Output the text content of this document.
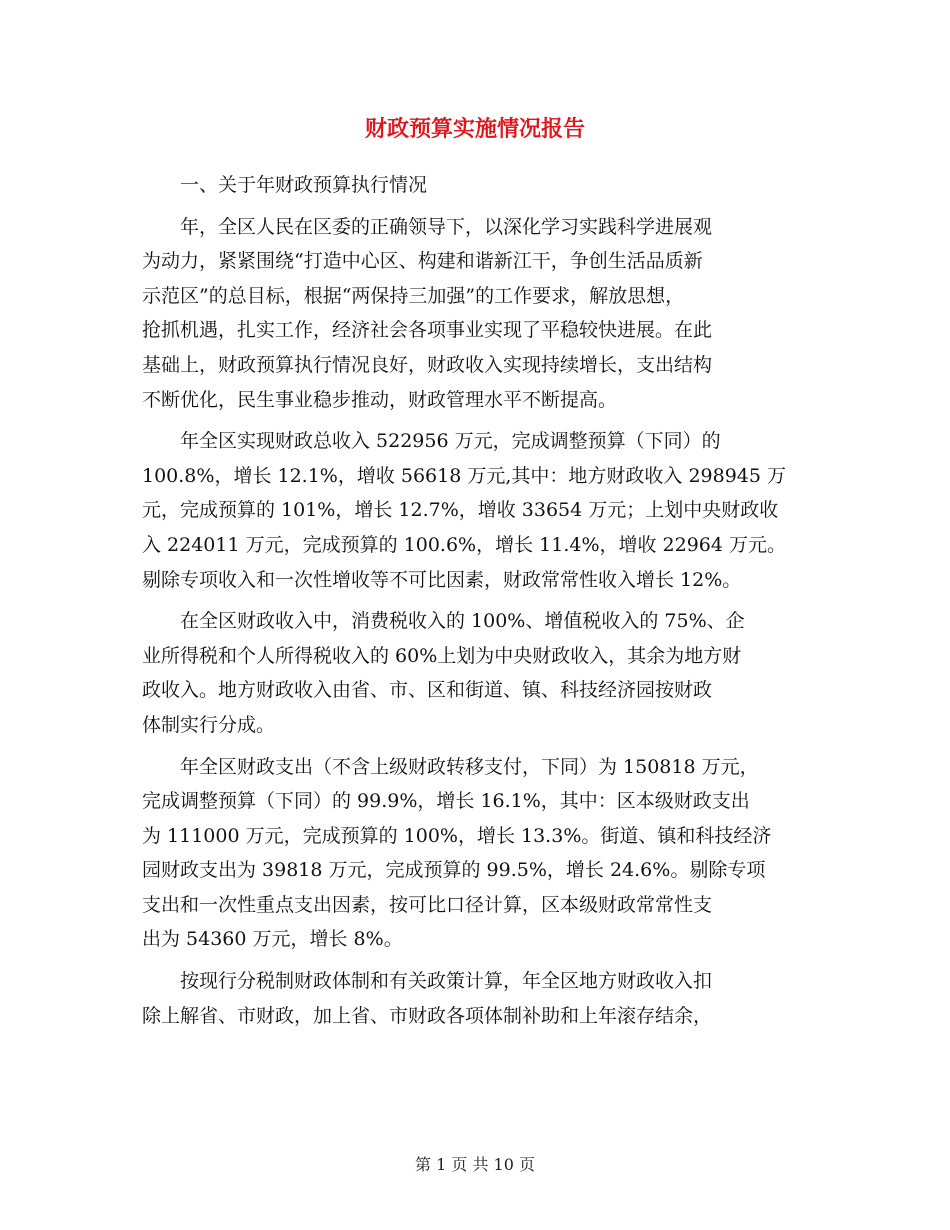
财政预算实施情况报告
　　一、关于年财政预算执行情况
　　年，全区人民在区委的正确领导下，以深化学习实践科学进展观
为动力，紧紧围绕“打造中心区、构建和谐新江干，争创生活品质新
示范区”的总目标，根据“两保持三加强”的工作要求，解放思想，
抢抓机遇，扎实工作，经济社会各项事业实现了平稳较快进展。在此
基础上，财政预算执行情况良好，财政收入实现持续增长，支出结构
不断优化，民生事业稳步推动，财政管理水平不断提高。
　　年全区实现财政总收入 522956 万元，完成调整预算（下同）的
100.8%，增长 12.1%，增收 56618 万元,其中：地方财政收入 298945 万
元，完成预算的 101%，增长 12.7%，增收 33654 万元；上划中央财政收
入 224011 万元，完成预算的 100.6%，增长 11.4%，增收 22964 万元。
剔除专项收入和一次性增收等不可比因素，财政常常性收入增长 12%。
　　在全区财政收入中，消费税收入的 100%、增值税收入的 75%、企
业所得税和个人所得税收入的 60%上划为中央财政收入，其余为地方财
政收入。地方财政收入由省、市、区和街道、镇、科技经济园按财政
体制实行分成。
　　年全区财政支出（不含上级财政转移支付，下同）为 150818 万元，
完成调整预算（下同）的 99.9%，增长 16.1%，其中：区本级财政支出
为 111000 万元，完成预算的 100%，增长 13.3%。街道、镇和科技经济
园财政支出为 39818 万元，完成预算的 99.5%，增长 24.6%。剔除专项
支出和一次性重点支出因素，按可比口径计算，区本级财政常常性支
出为 54360 万元，增长 8%。
　　按现行分税制财政体制和有关政策计算，年全区地方财政收入扣
除上解省、市财政，加上省、市财政各项体制补助和上年滚存结余，
第 1 页 共 10 页
